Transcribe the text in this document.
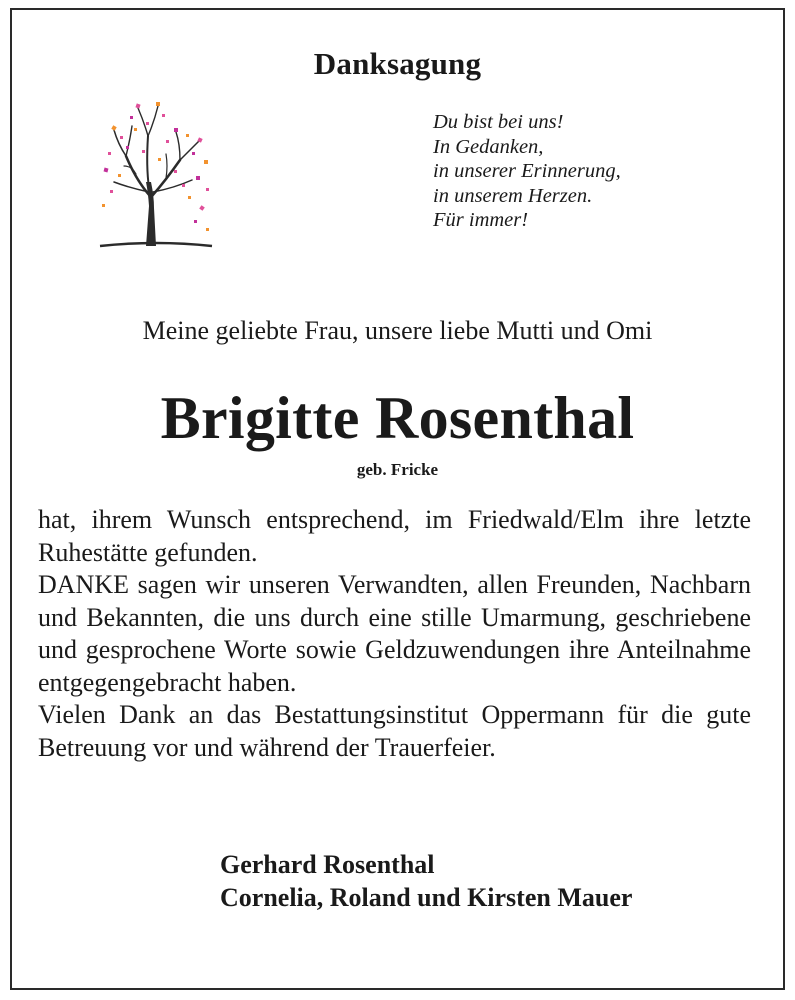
Danksagung
Du bist bei uns!
In Gedanken,
in unserer Erinnerung,
in unserem Herzen.
Für immer!
Meine geliebte Frau, unsere liebe Mutti und Omi
Brigitte Rosenthal
geb. Fricke

hat, ihrem Wunsch entsprechend, im Friedwald/Elm ihre letzte Ruhestätte gefunden.

DANKE sagen wir unseren Verwandten, allen Freunden, Nachbarn und Bekannten, die uns durch eine stille Umarmung, geschriebene und gesprochene Worte sowie Geldzuwendungen ihre Anteilnahme entgegengebracht haben.

Vielen Dank an das Bestattungsinstitut Oppermann für die gute Betreuung vor und während der Trauerfeier.

Gerhard Rosenthal
Cornelia, Roland und Kirsten Mauer
